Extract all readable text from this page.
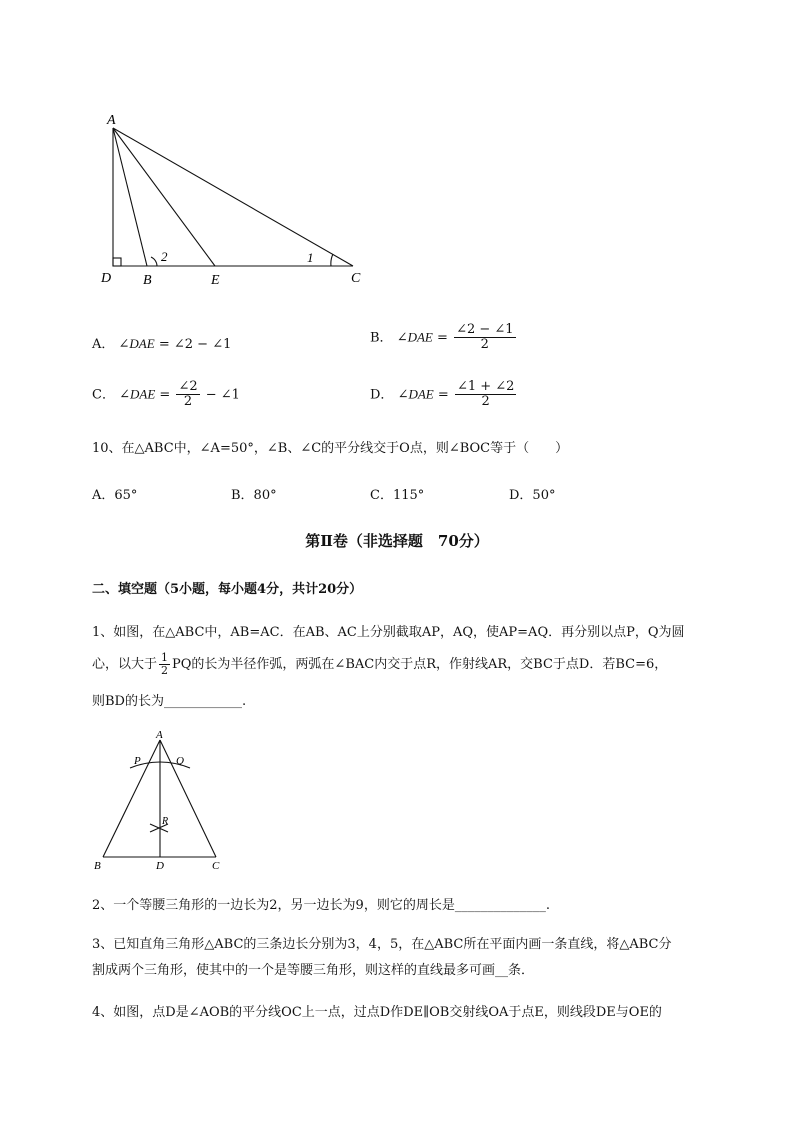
A
D B	E	C
2	1
A． ∠DAE = ∠2 − ∠1	B． ∠DAE = $\frac{\angle 2 - \angle 1}{2}$
C． ∠DAE = $\frac{\angle 2}{2}$ − ∠1	D． ∠DAE = $\frac{\angle 1 + \angle 2}{2}$
10、在△ABC中，∠A=50°，∠B、∠C的平分线交于O点，则∠BOC等于（　　）
A．65°	B．80°	C．115°	D．50°
第Ⅱ卷（非选择题　70分）
二、填空题（5小题，每小题4分，共计20分）
1、如图，在△ABC中，AB=AC．在AB、AC上分别截取AP，AQ，使AP=AQ．再分别以点P，Q为圆
心，以大于 $\frac{1}{2}$ PQ的长为半径作弧，两弧在∠BAC内交于点R，作射线AR，交BC于点D．若BC=6，
则BD的长为____________.
A
P	Q
R
B	D	C
2、一个等腰三角形的一边长为2，另一边长为9，则它的周长是______________.
3、已知直角三角形△ABC的三条边长分别为3，4，5，在△ABC所在平面内画一条直线，将△ABC分
割成两个三角形，使其中的一个是等腰三角形，则这样的直线最多可画__条．
4、如图，点D是∠AOB的平分线OC上一点，过点D作DE∥OB交射线OA于点E，则线段DE与OE的
